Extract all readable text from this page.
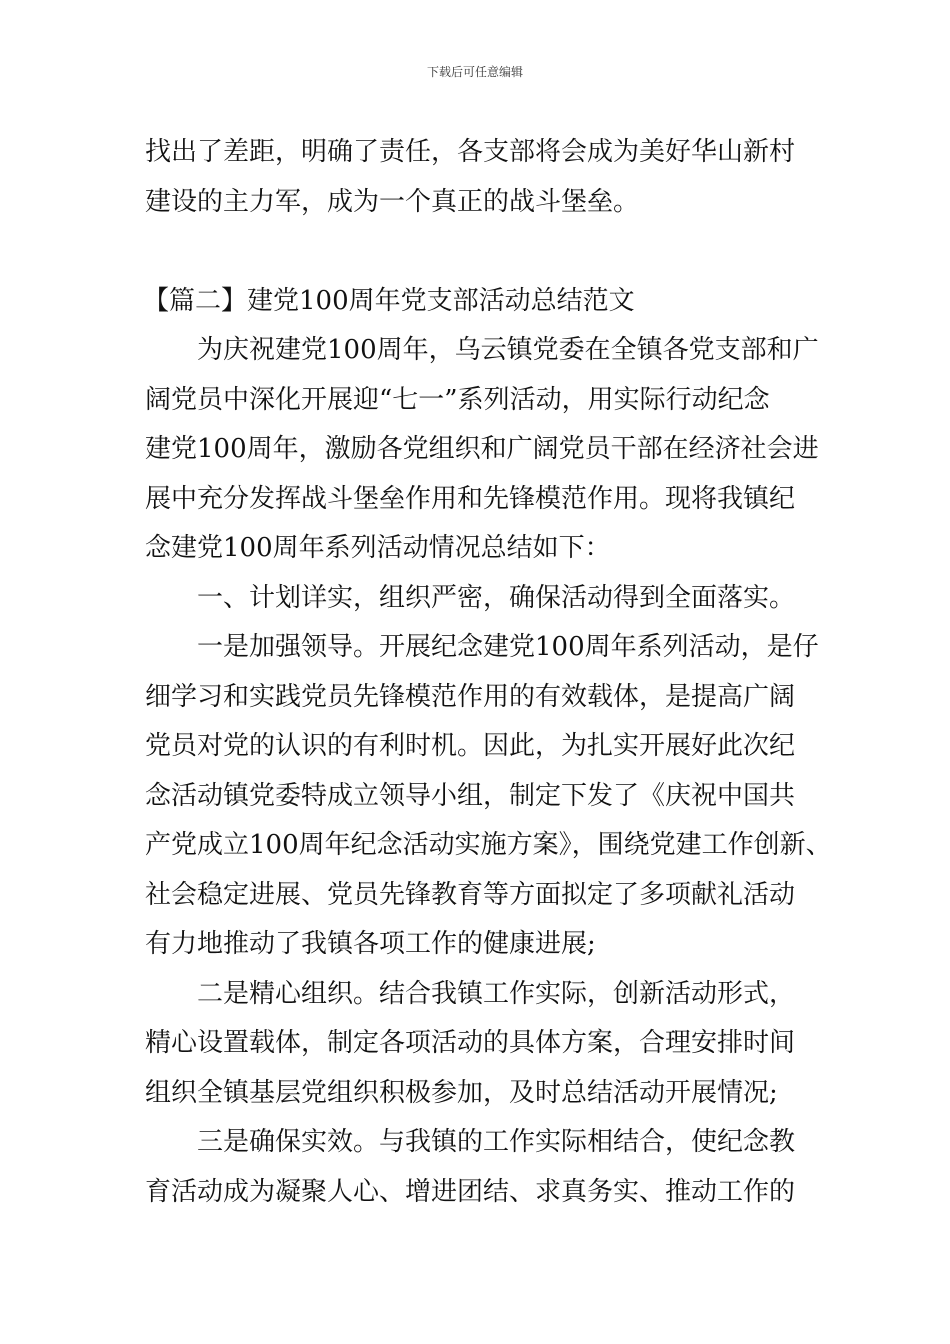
下载后可任意编辑
找出了差距，明确了责任，各支部将会成为美好华山新村
建设的主力军，成为一个真正的战斗堡垒。
【篇二】建党100周年党支部活动总结范文
为庆祝建党100周年，乌云镇党委在全镇各党支部和广
阔党员中深化开展迎“七一”系列活动，用实际行动纪念
建党100周年，激励各党组织和广阔党员干部在经济社会进
展中充分发挥战斗堡垒作用和先锋模范作用。现将我镇纪
念建党100周年系列活动情况总结如下：
一、计划详实，组织严密，确保活动得到全面落实。
一是加强领导。开展纪念建党100周年系列活动，是仔
细学习和实践党员先锋模范作用的有效载体，是提高广阔
党员对党的认识的有利时机。因此，为扎实开展好此次纪
念活动镇党委特成立领导小组，制定下发了《庆祝中国共
产党成立100周年纪念活动实施方案》，围绕党建工作创新、
社会稳定进展、党员先锋教育等方面拟定了多项献礼活动
有力地推动了我镇各项工作的健康进展;
二是精心组织。结合我镇工作实际，创新活动形式，
精心设置载体，制定各项活动的具体方案，合理安排时间
组织全镇基层党组织积极参加，及时总结活动开展情况;
三是确保实效。与我镇的工作实际相结合，使纪念教
育活动成为凝聚人心、增进团结、求真务实、推动工作的
